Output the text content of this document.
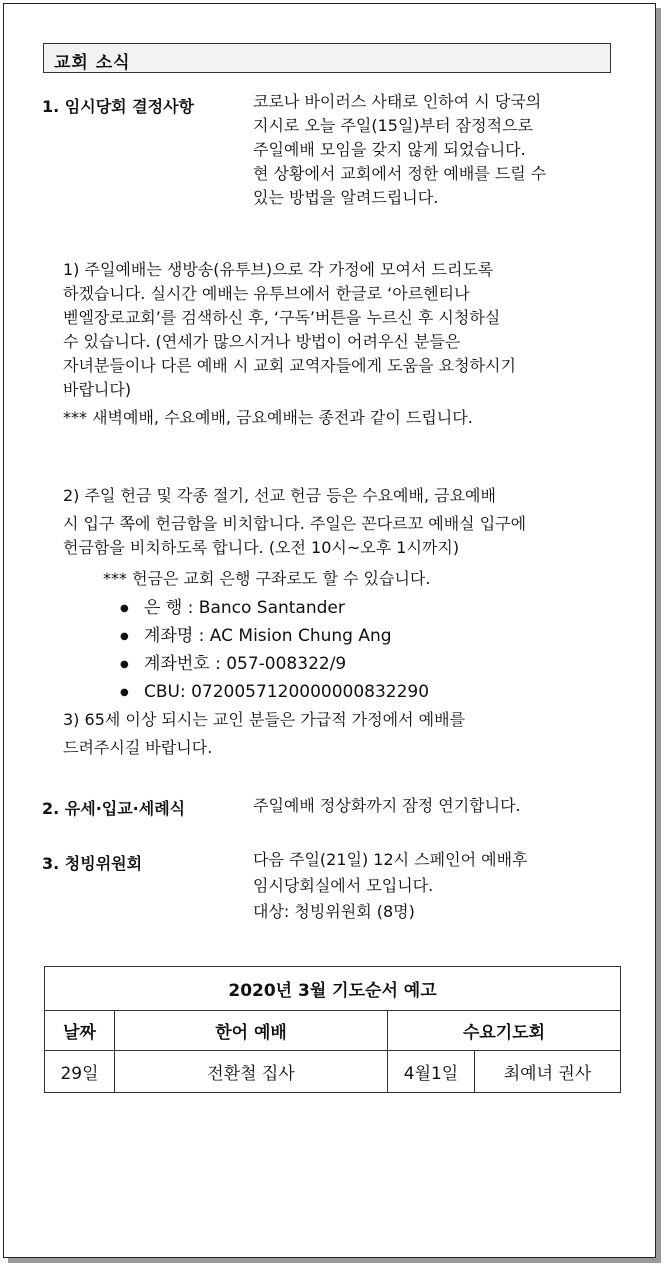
교회 소식
1. 임시당회 결정사항	코로나 바이러스 사태로 인하여 시 당국의
지시로 오늘 주일(15일)부터 잠정적으로
주일예배 모임을 갖지 않게 되었습니다.
현 상황에서 교회에서 정한 예배를 드릴 수
있는 방법을 알려드립니다.
1) 주일예배는 생방송(유투브)으로 각 가정에 모여서 드리도록
하겠습니다. 실시간 예배는 유투브에서 한글로 ‘아르헨티나
벧엘장로교회’를 검색하신 후, ‘구독’버튼을 누르신 후 시청하실
수 있습니다. (연세가 많으시거나 방법이 어려우신 분들은
자녀분들이나 다른 예배 시 교회 교역자들에게 도움을 요청하시기
바랍니다)
*** 새벽예배, 수요예배, 금요예배는 종전과 같이 드립니다.
2) 주일 헌금 및 각종 절기, 선교 헌금 등은 수요예배, 금요예배
시 입구 쪽에 헌금함을 비치합니다. 주일은 꼰다르꼬 예배실 입구에
헌금함을 비치하도록 합니다. (오전 10시~오후 1시까지)
*** 헌금은 교회 은행 구좌로도 할 수 있습니다.
● 은 행 : Banco Santander
● 계좌명 : AC Mision Chung Ang
● 계좌번호 : 057-008322/9
● CBU: 0720057120000000832290
3) 65세 이상 되시는 교인 분들은 가급적 가정에서 예배를
드려주시길 바랍니다.
2. 유세·입교·세례식	주일예배 정상화까지 잠정 연기합니다.
3. 청빙위원회	다음 주일(21일) 12시 스페인어 예배후
임시당회실에서 모입니다.
대상: 청빙위원회 (8명)
2020년 3월 기도순서 예고			
날짜	한어 예배	수요기도회	
29일	전환철 집사	4월1일	최예녀 권사
